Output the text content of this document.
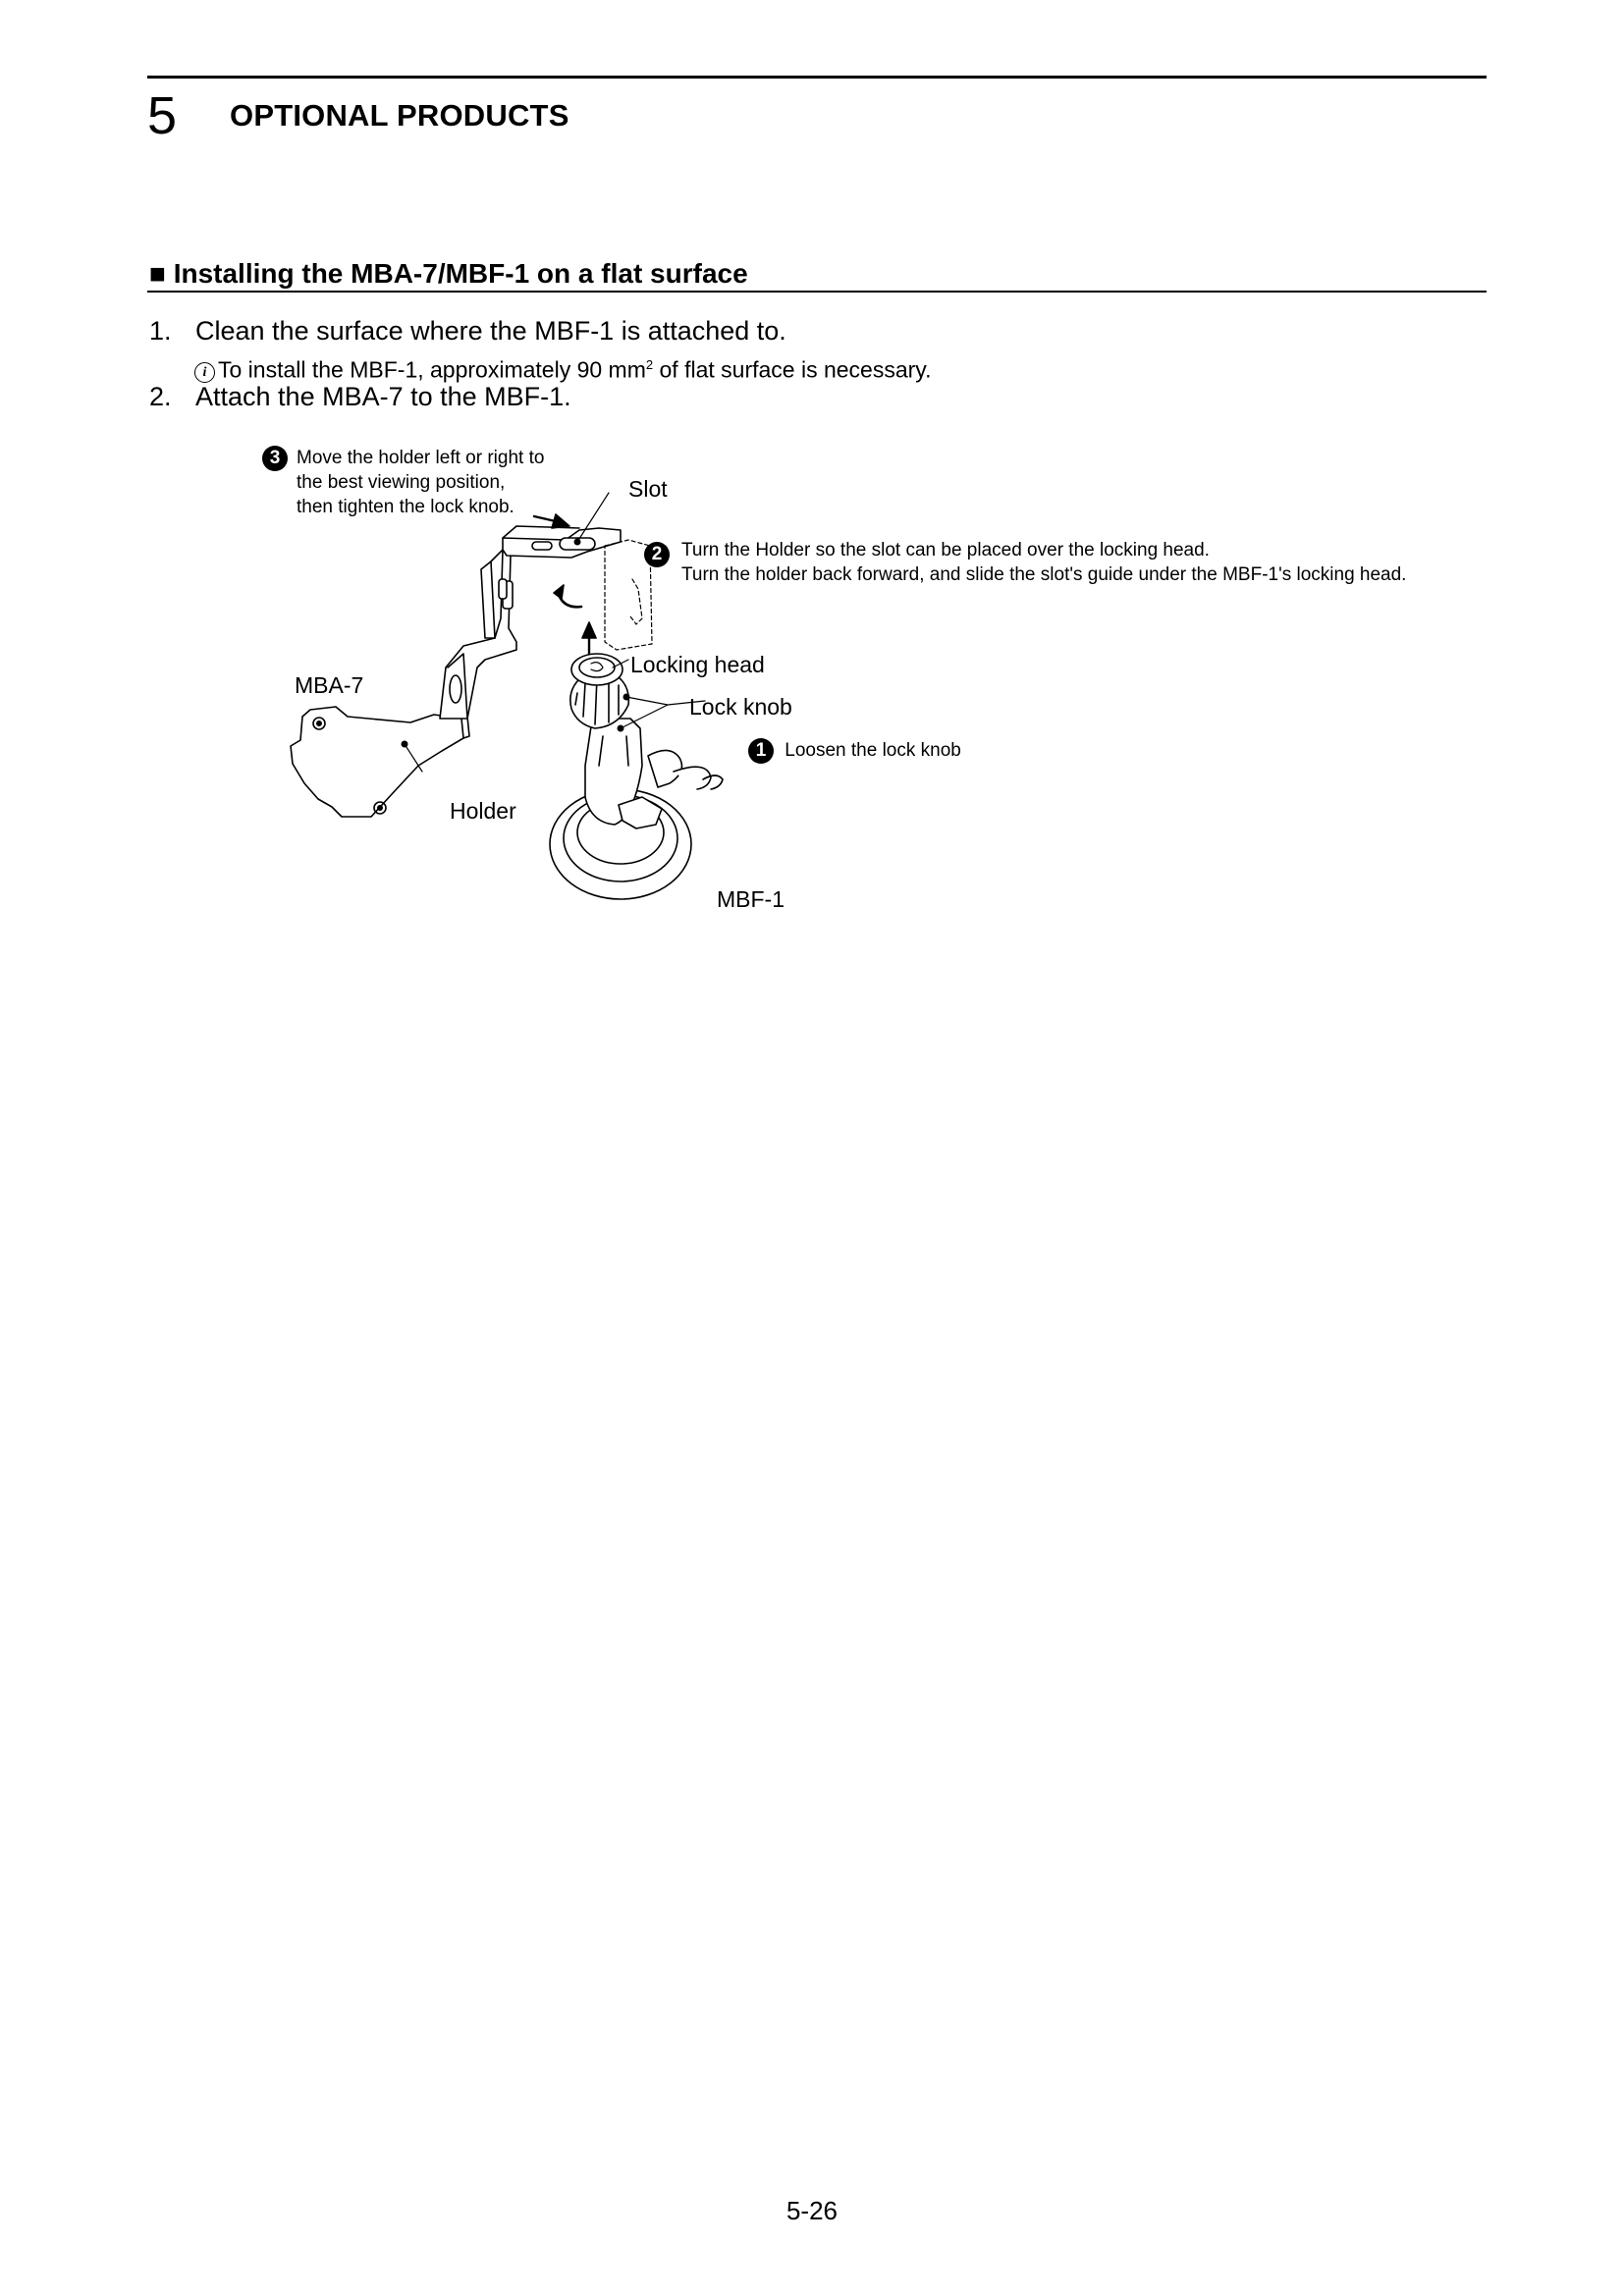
5 OPTIONAL PRODUCTS
■ Installing the MBA-7/MBF-1 on a flat surface
1. Clean the surface where the MBF-1 is attached to.
i To install the MBF-1, approximately 90 $mm^2$ of flat surface is necessary.
2. Attach the MBA-7 to the MBF-1.
3 Move the holder left or right to
the best viewing position,
then tighten the lock knob.
Slot
2	Turn the Holder so the slot can be placed over the locking head.
Turn the holder back forward, and slide the slot's guide under the MBF-1's locking head.
MBA-7
Locking head
Lock knob
1 Loosen the lock knob
Holder
MBF-1
5-26
